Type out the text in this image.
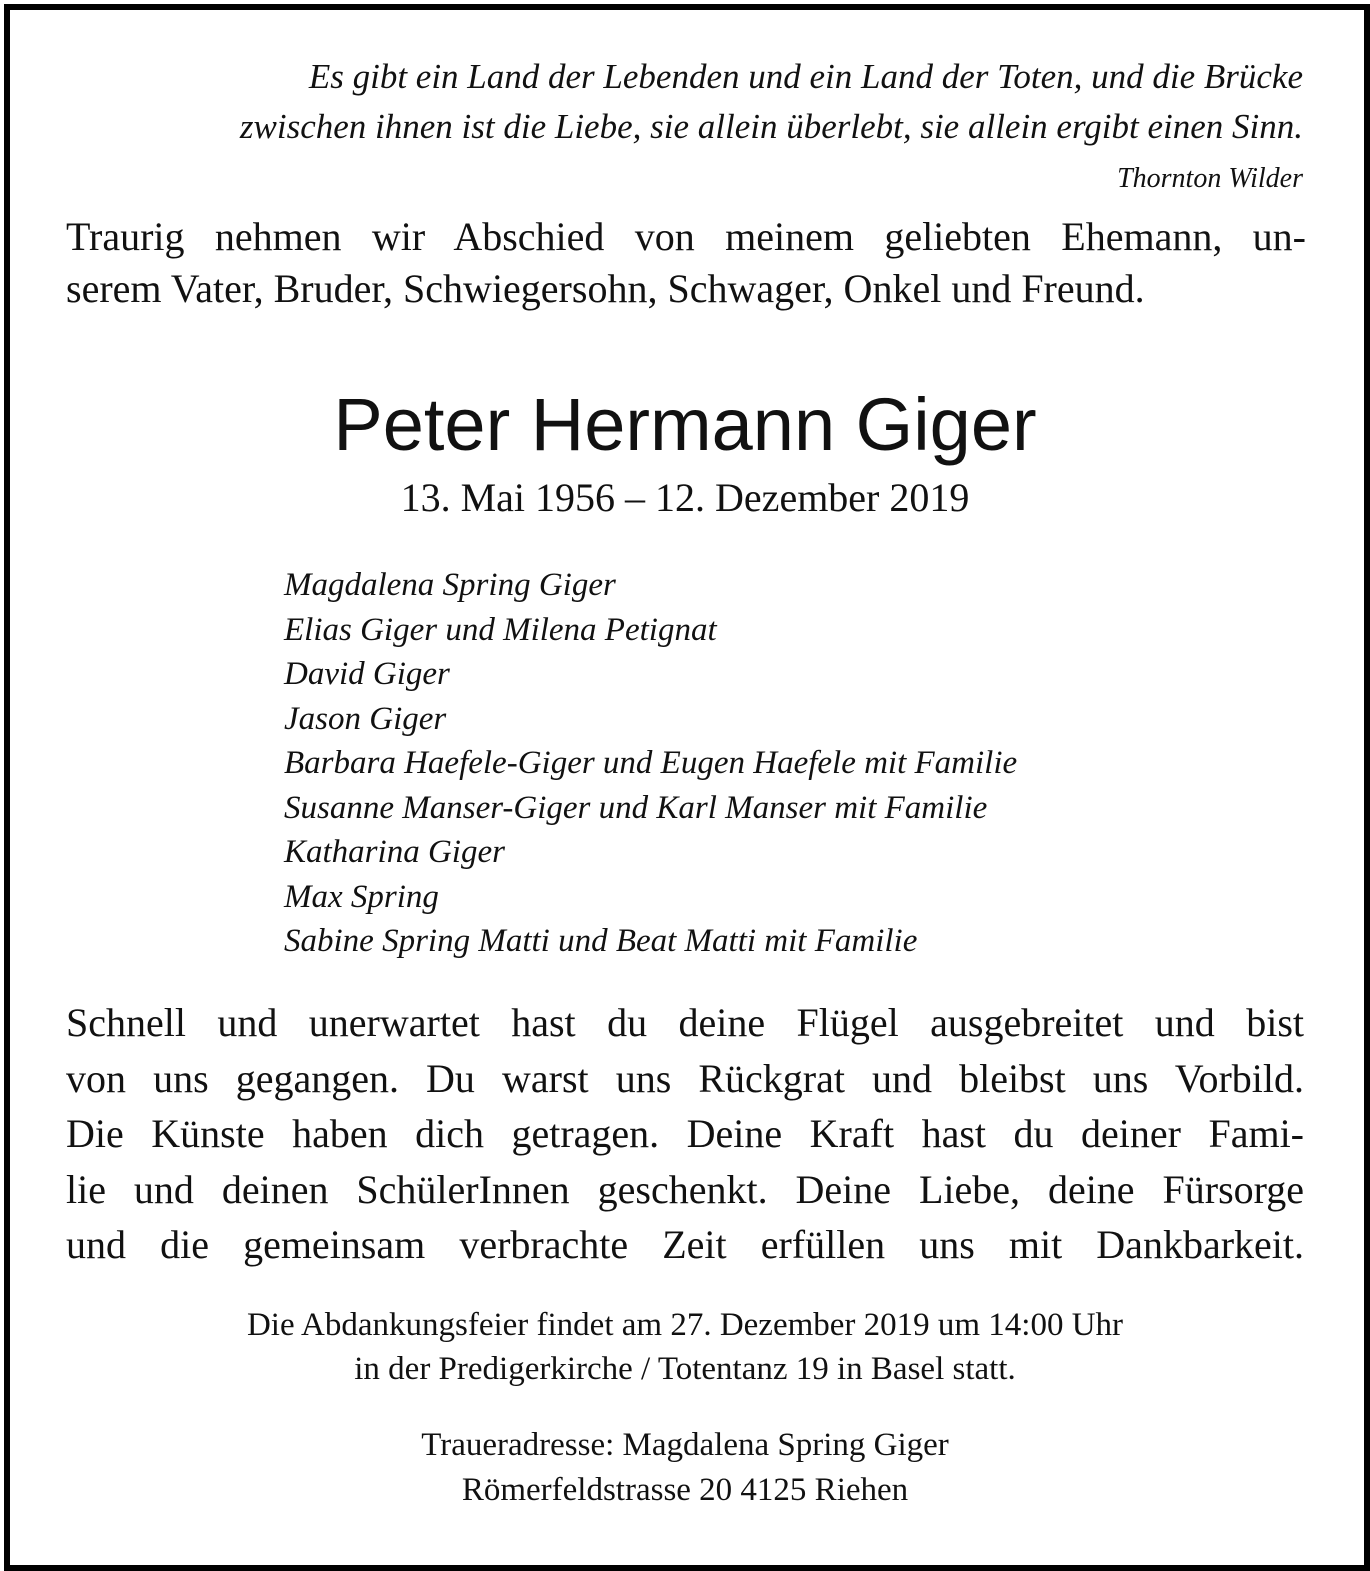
Es gibt ein Land der Lebenden und ein Land der Toten, und die Brücke
zwischen ihnen ist die Liebe, sie allein überlebt, sie allein ergibt einen Sinn.
Thornton Wilder
Traurig nehmen wir Abschied von meinem geliebten Ehemann, un-
serem Vater, Bruder, Schwiegersohn, Schwager, Onkel und Freund.
Peter Hermann Giger
13. Mai 1956 – 12. Dezember 2019
Magdalena Spring Giger
Elias Giger und Milena Petignat
David Giger
Jason Giger
Barbara Haefele-Giger und Eugen Haefele mit Familie
Susanne Manser-Giger und Karl Manser mit Familie
Katharina Giger
Max Spring
Sabine Spring Matti und Beat Matti mit Familie
Schnell und unerwartet hast du deine Flügel ausgebreitet und bist
von uns gegangen. Du warst uns Rückgrat und bleibst uns Vorbild.
Die Künste haben dich getragen. Deine Kraft hast du deiner Fami-
lie und deinen SchülerInnen geschenkt. Deine Liebe, deine Fürsorge
und die gemeinsam verbrachte Zeit erfüllen uns mit Dankbarkeit.
Die Abdankungsfeier findet am 27. Dezember 2019 um 14:00 Uhr
in der Predigerkirche / Totentanz 19 in Basel statt.
Traueradresse: Magdalena Spring Giger
Römerfeldstrasse 20 4125 Riehen
